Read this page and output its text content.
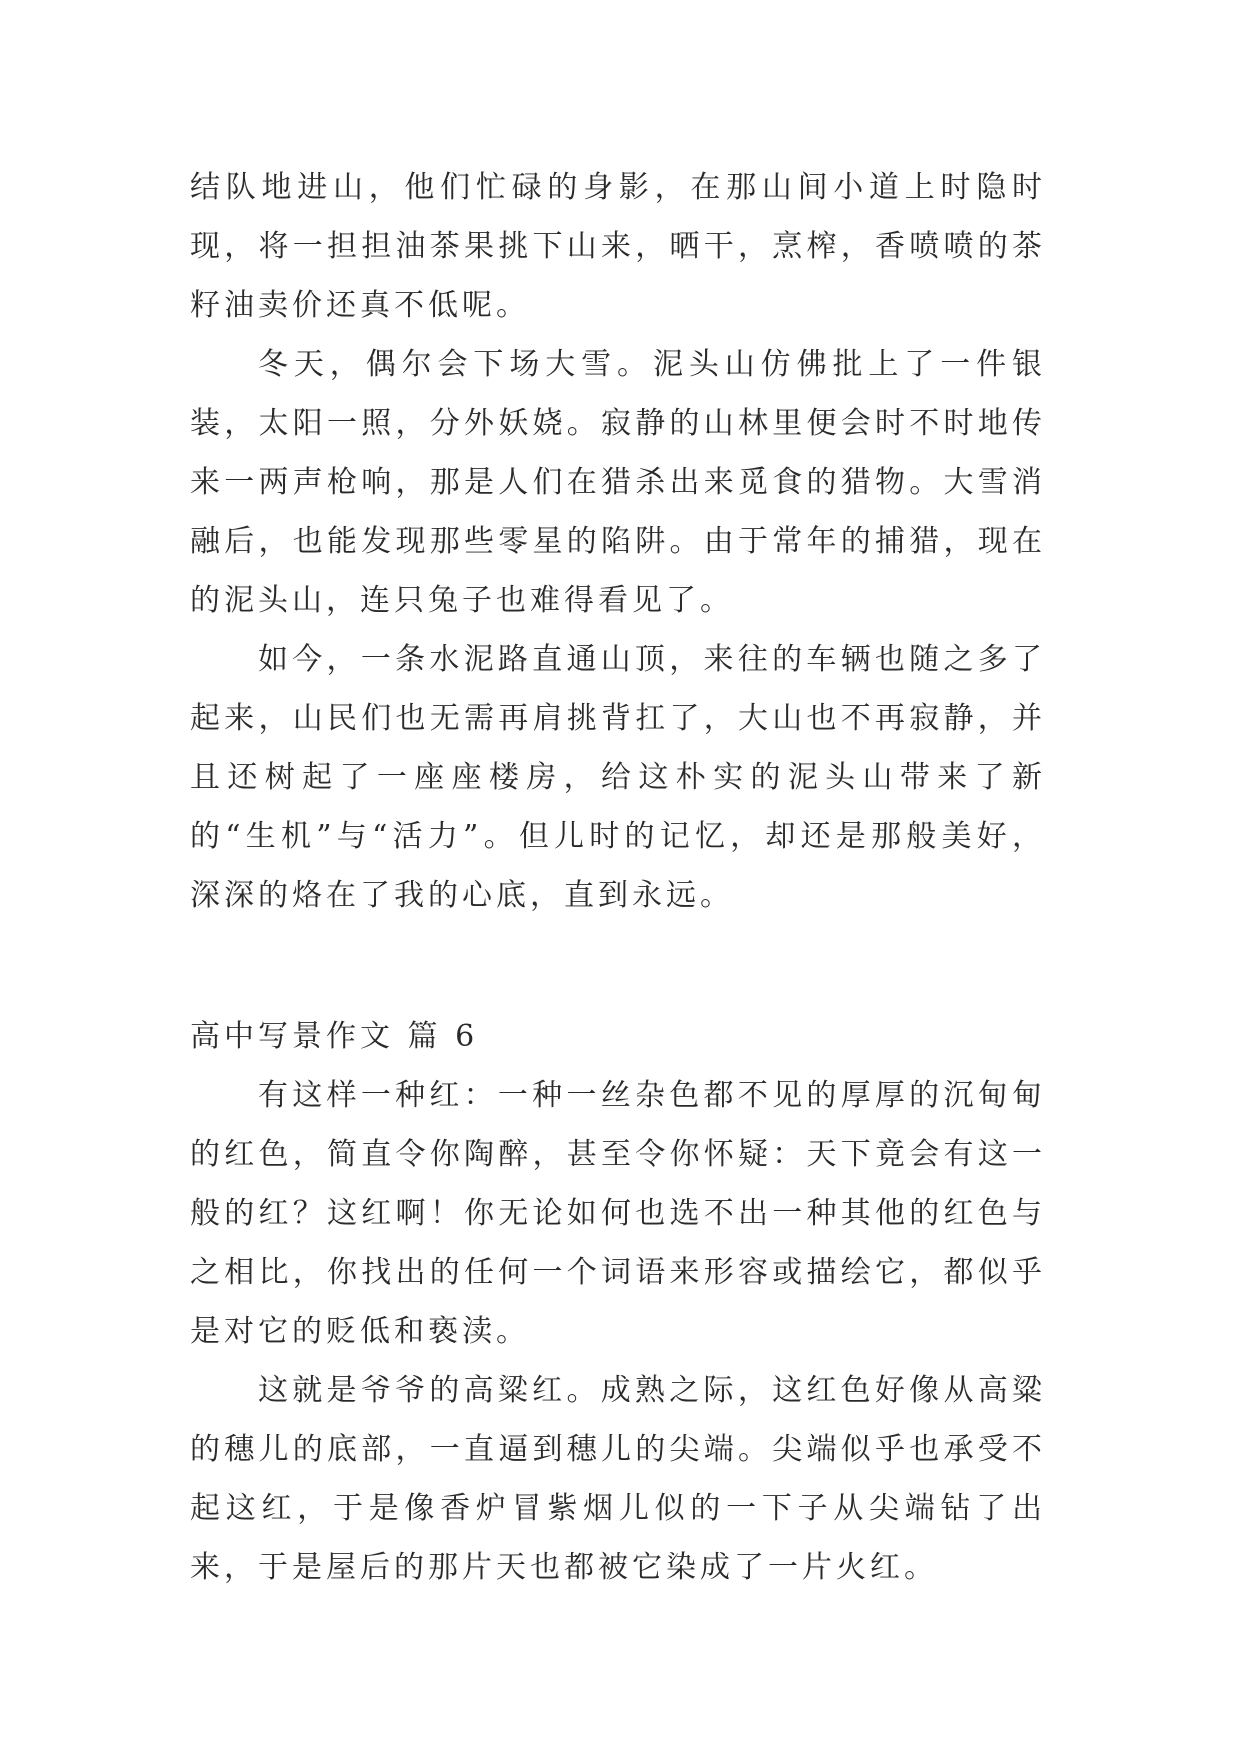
结队地进山，他们忙碌的身影，在那山间小道上时隐时现，将一担担油茶果挑下山来，晒干，烹榨，香喷喷的茶籽油卖价还真不低呢。

冬天，偶尔会下场大雪。泥头山仿佛批上了一件银装，太阳一照，分外妖娆。寂静的山林里便会时不时地传来一两声枪响，那是人们在猎杀出来觅食的猎物。大雪消融后，也能发现那些零星的陷阱。由于常年的捕猎，现在的泥头山，连只兔子也难得看见了。

如今，一条水泥路直通山顶，来往的车辆也随之多了起来，山民们也无需再肩挑背扛了，大山也不再寂静，并且还树起了一座座楼房，给这朴实的泥头山带来了新的“生机”与“活力”。但儿时的记忆，却还是那般美好，深深的烙在了我的心底，直到永远。

高中写景作文 篇 6

有这样一种红：一种一丝杂色都不见的厚厚的沉甸甸的红色，简直令你陶醉，甚至令你怀疑：天下竟会有这一般的红？这红啊！你无论如何也选不出一种其他的红色与之相比，你找出的任何一个词语来形容或描绘它，都似乎是对它的贬低和亵渎。

这就是爷爷的高粱红。成熟之际，这红色好像从高粱的穗儿的底部，一直逼到穗儿的尖端。尖端似乎也承受不起这红，于是像香炉冒紫烟儿似的一下子从尖端钻了出来，于是屋后的那片天也都被它染成了一片火红。
